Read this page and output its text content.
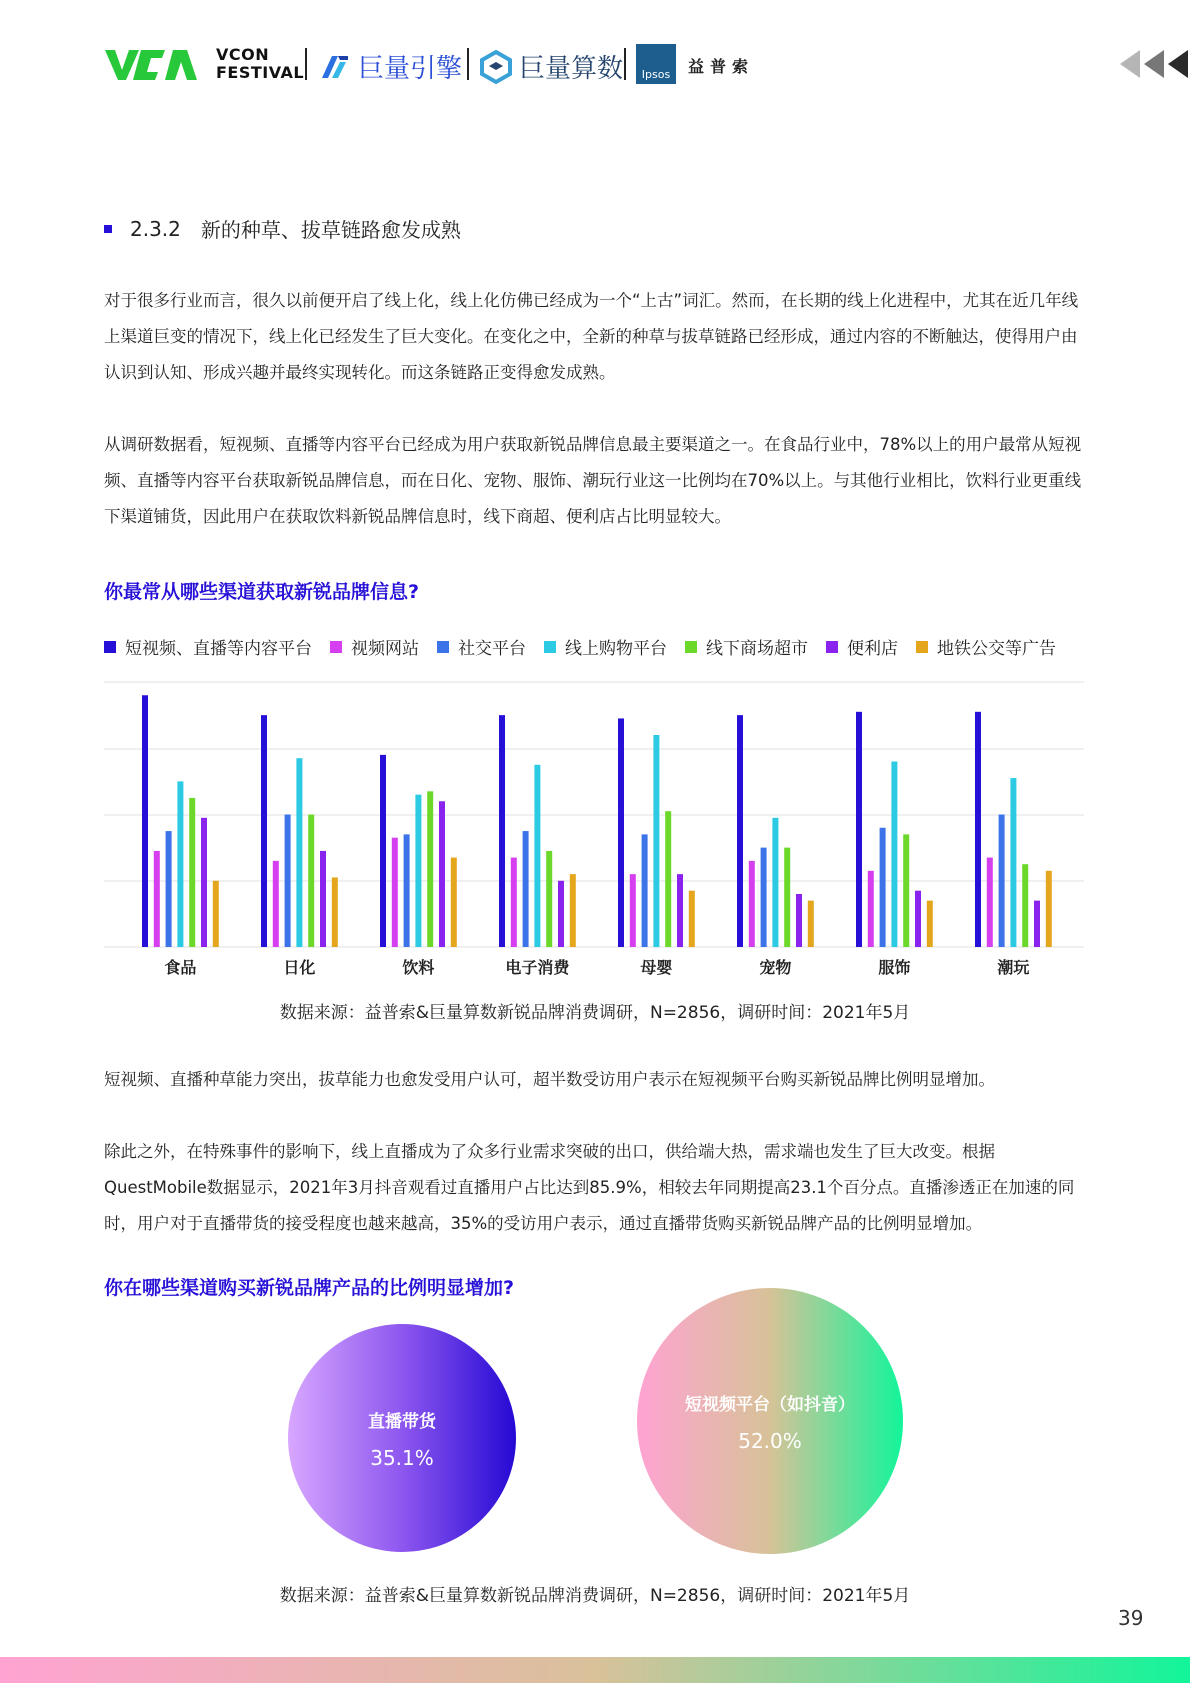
VCON
FESTIVAL 巨量引擎 巨量算数	Ipsos	益普索
2.3.2 新的种草、拔草链路愈发成熟

对于很多行业而言，很久以前便开启了线上化，线上化仿佛已经成为一个“上古”词汇。然而，在长期的线上化进程中，尤其在近几年线上渠道巨变的情况下，线上化已经发生了巨大变化。在变化之中，全新的种草与拔草链路已经形成，通过内容的不断触达，使得用户由认识到认知、形成兴趣并最终实现转化。而这条链路正变得愈发成熟。

从调研数据看，短视频、直播等内容平台已经成为用户获取新锐品牌信息最主要渠道之一。在食品行业中，78%以上的用户最常从短视频、直播等内容平台获取新锐品牌信息，而在日化、宠物、服饰、潮玩行业这一比例均在70%以上。与其他行业相比，饮料行业更重线下渠道铺货，因此用户在获取饮料新锐品牌信息时，线下商超、便利店占比明显较大。

你最常从哪些渠道获取新锐品牌信息?
短视频、直播等内容平台 视频网站 社交平台 线上购物平台 线下商场超市 便利店 地铁公交等广告
食品	日化	饮料	电子消费	母婴	宠物	服饰	潮玩
数据来源：益普索&巨量算数新锐品牌消费调研，N=2856，调研时间：2021年5月

短视频、直播种草能力突出，拔草能力也愈发受用户认可，超半数受访用户表示在短视频平台购买新锐品牌比例明显增加。

除此之外，在特殊事件的影响下，线上直播成为了众多行业需求突破的出口，供给端大热，需求端也发生了巨大改变。根据QuestMobile数据显示，2021年3月抖音观看过直播用户占比达到85.9%，相较去年同期提高23.1个百分点。直播渗透正在加速的同时，用户对于直播带货的接受程度也越来越高，35%的受访用户表示，通过直播带货购买新锐品牌产品的比例明显增加。

你在哪些渠道购买新锐品牌产品的比例明显增加?
直播带货
35.1%
短视频平台（如抖音）
52.0%
数据来源：益普索&巨量算数新锐品牌消费调研，N=2856，调研时间：2021年5月
39
